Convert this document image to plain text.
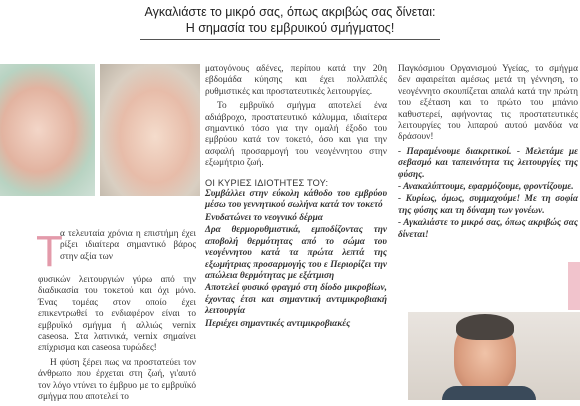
Αγκαλιάστε το μικρό σας, όπως ακριβώς σας δίνεται:
Η σημασία του εμβρυικού σμήγματος!
Τ
α τελευταία χρόνια η επιστήμη έχει ρίξει ιδιαίτερα σημαντικό βάρος στην αξία των

φυσικών λειτουργιών γύρω από την διαδικασία του τοκετού και όχι μόνο. Ένας τομέας στον οποίο έχει επικεντρωθεί το ενδιαφέρον είναι το εμβρυϊκό σμήγμα ή αλλιώς vernix caseosa. Στα λατινικά, vernix σημαίνει επίχρισμα και caseosa τυρώδες!

Η φύση ξέρει πως να προστατεύει τον άνθρωπο που έρχεται στη ζωή, γι'αυτό τον λόγο ντύνει το έμβρυο με το εμβρυϊκό σμήγμα που αποτελεί το

ματογόνους αδένες, περίπου κατά την 20η εβδομάδα κύησης και έχει πολλαπλές ρυθμιστικές και προστατευτικές λειτουργίες.

Το εμβρυϊκό σμήγμα αποτελεί ένα αδιάβροχο, προστατευτικό κάλυμμα, ιδιαίτερα σημαντικό τόσο για την ομαλή έξοδο του εμβρύου κατά τον τοκετό, όσο και για την ασφαλή προσαρμογή του νεογέννητου στην εξωμήτριο ζωή.

ΟΙ ΚΥΡΙΕΣ ΙΔΙΟΤΗΤΕΣ ΤΟΥ:
Συμβάλλει στην εύκολη κάθοδο του εμβρύου μέσω του γεννητικού σωλήνα κατά τον τοκετό
Ενυδατώνει το νεογνικό δέρμα
Δρα θερμορυθμιστικά, εμποδίζοντας την αποβολή θερμότητας από το σώμα του νεογέννητου κατά τα πρώτα λεπτά της εξωμήτριας προσαρμογής του ε Περιορίζει την απώλεια θερμότητας με εξάτμιση
Αποτελεί φυσικό φραγμό στη δίοδο μικροβίων, έχοντας έτσι και σημαντική αντιμικροβιακή λειτουργία
Περιέχει σημαντικές αντιμικροβιακές

Παγκόσμιου Οργανισμού Υγείας, το σμήγμα δεν αφαιρείται αμέσως μετά τη γέννηση, το νεογέννητο σκουπίζεται απαλά κατά την πρώτη του εξέταση και το πρώτο του μπάνιο καθυστερεί, αφήνοντας τις προστατευτικές λειτουργίες του λιπαρού αυτού μανδύα να δράσουν!

- Παραμένουμε διακριτικοί. - Μελετάμε με σεβασμό και ταπεινότητα τις λειτουργίες της φύσης.
- Ανακαλύπτουμε, εφαρμόζουμε, φροντίζουμε.
- Κυρίως, όμως, συμμαχούμε! Με τη σοφία της φύσης και τη δύναμη των γονέων.
- Αγκαλιάστε το μικρό σας, όπως ακριβώς σας δίνεται!
